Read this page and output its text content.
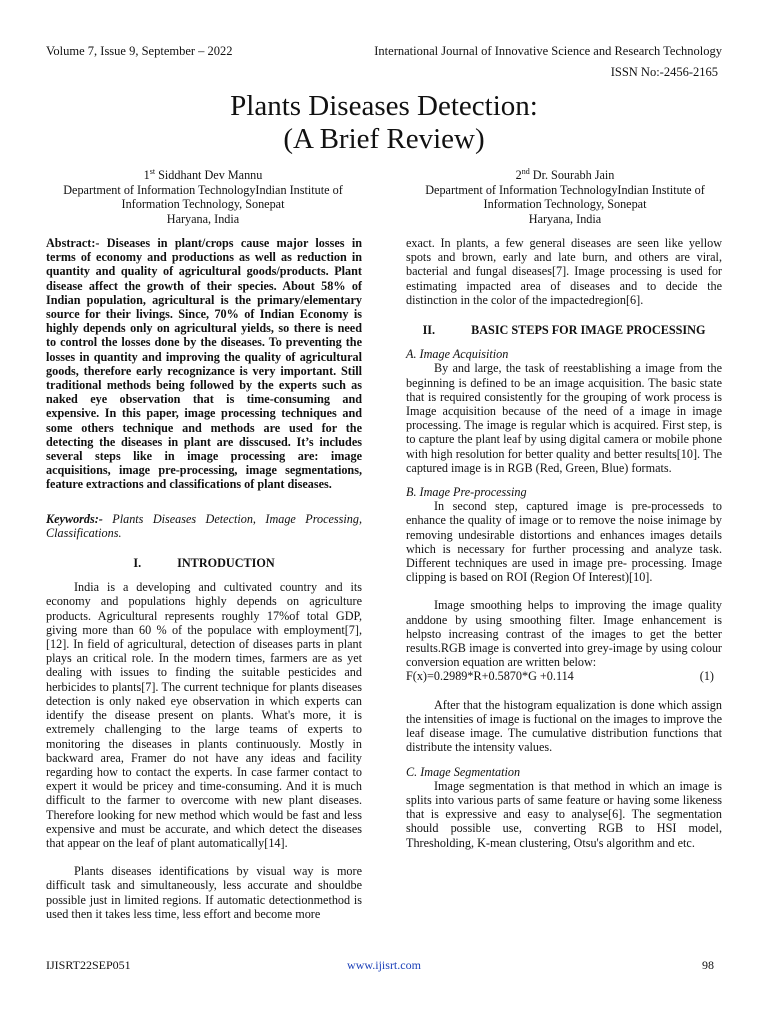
Volume 7, Issue 9, September – 2022	International Journal of Innovative Science and Research Technology
ISSN No:-2456-2165
Plants Diseases Detection:
(A Brief Review)
1st Siddhant Dev Mannu
Department of Information TechnologyIndian Institute of
Information Technology, Sonepat
Haryana, India
2nd Dr. Sourabh Jain
Department of Information TechnologyIndian Institute of
Information Technology, Sonepat
Haryana, India

Abstract:- Diseases in plant/crops cause major losses in terms of economy and productions as well as reduction in quantity and quality of agricultural goods/products. Plant disease affect the growth of their species. About 58% of Indian population, agricultural is the primary/elementary source for their livings. Since, 70% of Indian Economy is highly depends only on agricultural yields, so there is need to control the losses done by the diseases. To preventing the losses in quantity and improving the quality of agricultural goods, therefore early recognizance is very important. Still traditional methods being followed by the experts such as naked eye observation that is time-consuming and expensive. In this paper, image processing techniques and some others technique and methods are used for the detecting the diseases in plant are disscused. It’s includes several steps like in image processing are: image acquisitions, image pre-processing, image segmentations, feature extractions and classifications of plant diseases.

Keywords:- Plants Diseases Detection, Image Processing, Classifications.

I.	INTRODUCTION

India is a developing and cultivated country and its economy and populations highly depends on agriculture products. Agricultural represents roughly 17%of total GDP, giving more than 60 % of the populace with employment[7],[12]. In field of agricultural, detection of diseases parts in plant plays an critical role. In the modern times, farmers are as yet dealing with issues to finding the suitable pesticides and herbicides to plants[7]. The current technique for plants diseases detection is only naked eye observation in which experts can identify the disease present on plants. What's more, it is extremely challenging to the large teams of experts to monitoring the diseases in plants continuously. Mostly in backward area, Framer do not have any ideas and facility regarding how to contact the experts. In case farmer contact to expert it would be pricey and time-consuming. And it is much difficult to the farmer to overcome with new plant diseases. Therefore looking for new method which would be fast and less expensive and must be accurate, and which detect the diseases that appear on the leaf of plant automatically[14].

Plants diseases identifications by visual way is more difficult task and simultaneously, less accurate and shouldbe possible just in limited regions. If automatic detectionmethod is used then it takes less time, less effort and become more

exact. In plants, a few general diseases are seen like yellow spots and brown, early and late burn, and others are viral, bacterial and fungal diseases[7]. Image processing is used for estimating impacted area of diseases and to decide the distinction in the color of the impactedregion[6].

II.	BASIC STEPS FOR IMAGE PROCESSING
A. Image Acquisition

By and large, the task of reestablishing a image from the beginning is defined to be an image acquisition. The basic state that is required consistently for the grouping of work process is Image acquisition because of the need of a image in image processing. The image is regular which is acquired. First step, is to capture the plant leaf by using digital camera or mobile phone with high resolution for better quality and better results[10]. The captured image is in RGB (Red, Green, Blue) formats.

B. Image Pre-processing

In second step, captured image is pre-processeds to enhance the quality of image or to remove the noise inimage by removing undesirable distortions and enhances images details which is necessary for further processing and analyze task. Different techniques are used in image pre- processing. Image clipping is based on ROI (Region Of Interest)[10].

Image smoothing helps to improving the image quality anddone by using smoothing filter. Image enhancement is helpsto increasing contrast of the images to get the better results.RGB image is converted into grey-image by using colour conversion equation are written below:

F(x)=0.2989*R+0.5870*G +0.114	(1)

After that the histogram equalization is done which assign the intensities of image is fuctional on the images to improve the leaf disease image. The cumulative distribution functions that distribute the intensity values.

C. Image Segmentation

Image segmentation is that method in which an image is splits into various parts of same feature or having some likeness that is expressive and easy to analyse[6]. The segmentation should possible use, converting RGB to HSI model, Thresholding, K-mean clustering, Otsu's algorithm and etc.

IJISRT22SEP051	www.ijisrt.com	98
